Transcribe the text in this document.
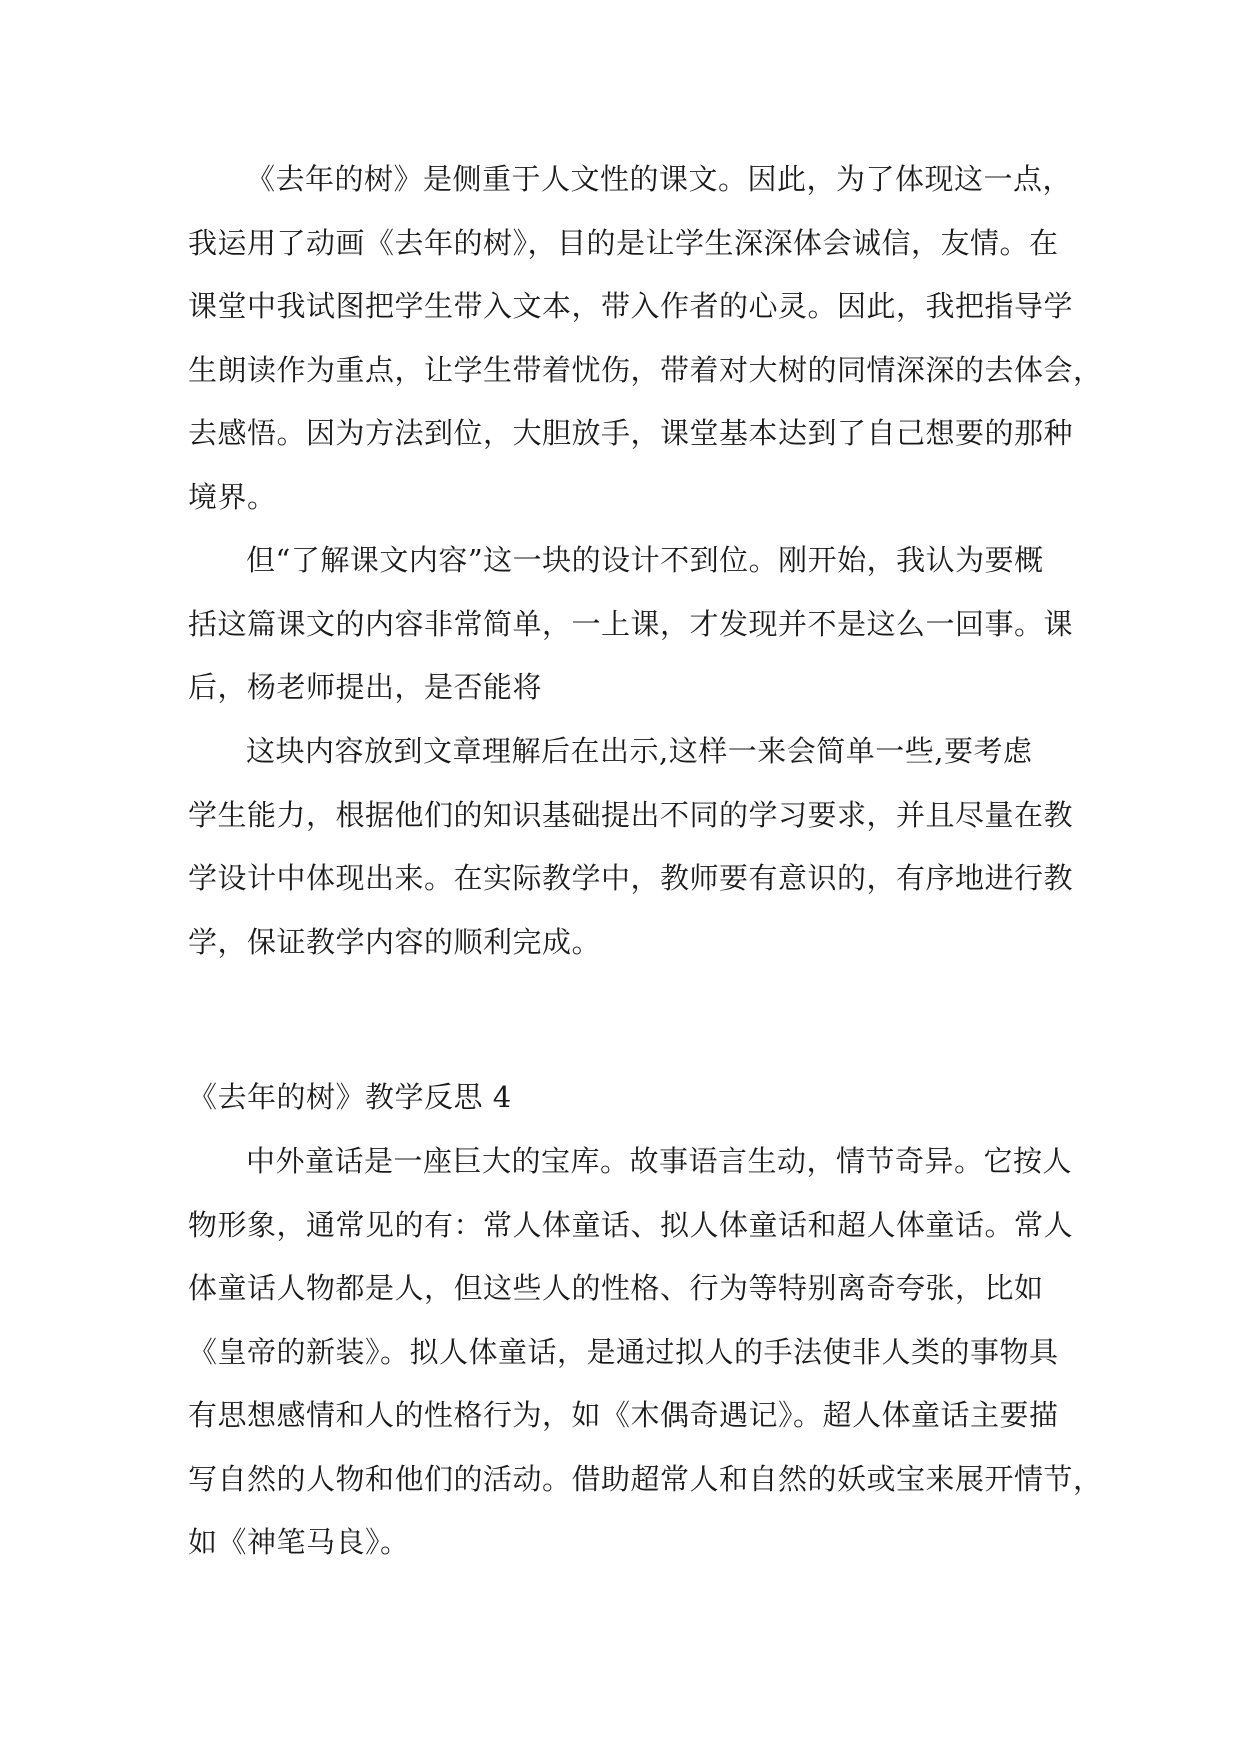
《去年的树》是侧重于人文性的课文。因此，为了体现这一点，
我运用了动画《去年的树》，目的是让学生深深体会诚信，友情。在
课堂中我试图把学生带入文本，带入作者的心灵。因此，我把指导学
生朗读作为重点，让学生带着忧伤，带着对大树的同情深深的去体会，
去感悟。因为方法到位，大胆放手，课堂基本达到了自己想要的那种
境界。
但“了解课文内容”这一块的设计不到位。刚开始，我认为要概
括这篇课文的内容非常简单，一上课，才发现并不是这么一回事。课
后，杨老师提出，是否能将
这块内容放到文章理解后在出示,这样一来会简单一些,要考虑
学生能力，根据他们的知识基础提出不同的学习要求，并且尽量在教
学设计中体现出来。在实际教学中，教师要有意识的，有序地进行教
学，保证教学内容的顺利完成。
《去年的树》教学反思 4
中外童话是一座巨大的宝库。故事语言生动，情节奇异。它按人
物形象，通常见的有：常人体童话、拟人体童话和超人体童话。常人
体童话人物都是人，但这些人的性格、行为等特别离奇夸张，比如
《皇帝的新装》。拟人体童话，是通过拟人的手法使非人类的事物具
有思想感情和人的性格行为，如《木偶奇遇记》。超人体童话主要描
写自然的人物和他们的活动。借助超常人和自然的妖或宝来展开情节，
如《神笔马良》。
